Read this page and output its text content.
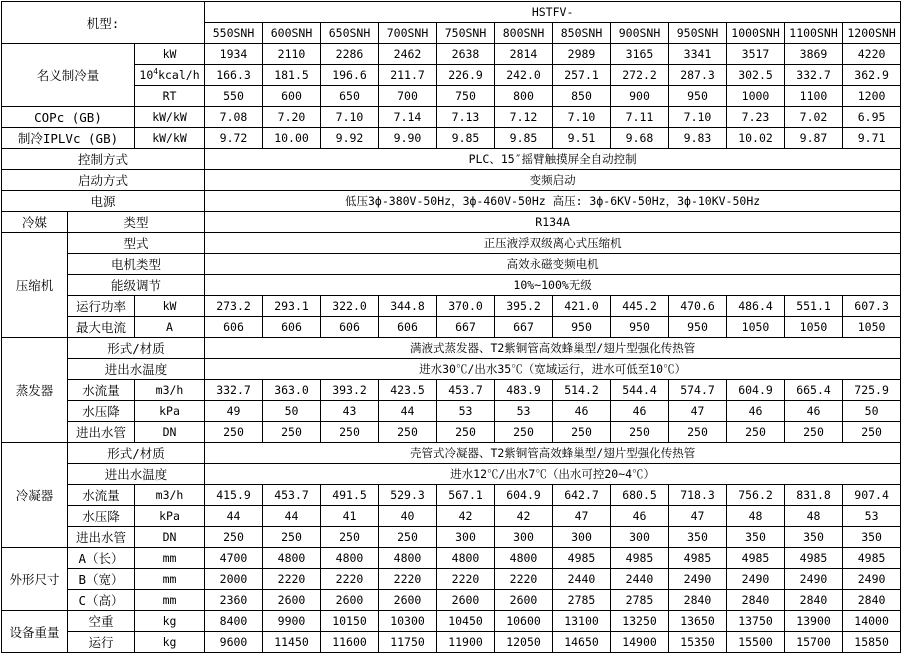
机型:			HSTFV-											
			550SNH	600SNH	650SNH	700SNH	750SNH	800SNH	850SNH	900SNH	950SNH	1000SNH	1100SNH	1200SNH
名义制冷量		kW	1934	2110	2286	2462	2638	2814	2989	3165	3341	3517	3869	4220
		$10^4kcal/h$	166.3	181.5	196.6	211.7	226.9	242.0	257.1	272.2	287.3	302.5	332.7	362.9
		RT	550	600	650	700	750	800	850	900	950	1000	1100	1200
COPc (GB)		kW/kW	7.08	7.20	7.10	7.14	7.13	7.12	7.10	7.11	7.10	7.23	7.02	6.95
制冷IPLVc (GB)		kW/kW	9.72	10.00	9.92	9.90	9.85	9.85	9.51	9.68	9.83	10.02	9.87	9.71
控制方式			PLC、15″摇臂触摸屏全自动控制											
启动方式			变频启动											
电源			低压3ф-380V-50Hz，3ф-460V-50Hz 高压: 3ф-6KV-50Hz，3ф-10KV-50Hz											
冷媒	类型		R134A											
压缩机	型式		正压液浮双级离心式压缩机											
	电机类型		高效永磁变频电机											
	能级调节		10%~100%无级											
	运行功率	kW	273.2	293.1	322.0	344.8	370.0	395.2	421.0	445.2	470.6	486.4	551.1	607.3
	最大电流	A	606	606	606	606	667	667	950	950	950	1050	1050	1050
蒸发器	形式/材质		满液式蒸发器、T2紫铜管高效蜂巢型/翅片型强化传热管											
	进出水温度		进水30℃/出水35℃（宽域运行，进水可低至10℃）											
	水流量	m3/h	332.7	363.0	393.2	423.5	453.7	483.9	514.2	544.4	574.7	604.9	665.4	725.9
	水压降	kPa	49	50	43	44	53	53	46	46	47	46	46	50
	进出水管	DN	250	250	250	250	250	250	250	250	250	250	250	250
冷凝器	形式/材质		壳管式冷凝器、T2紫铜管高效蜂巢型/翅片型强化传热管											
	进出水温度		进水12℃/出水7℃（出水可控20~4℃）											
	水流量	m3/h	415.9	453.7	491.5	529.3	567.1	604.9	642.7	680.5	718.3	756.2	831.8	907.4
	水压降	kPa	44	44	41	40	42	42	47	46	47	48	48	53
	进出水管	DN	250	250	250	250	300	300	300	300	350	350	350	350
外形尺寸	A（长）	mm	4700	4800	4800	4800	4800	4800	4985	4985	4985	4985	4985	4985
	B（宽）	mm	2000	2220	2220	2220	2220	2220	2440	2440	2490	2490	2490	2490
	C（高）	mm	2360	2600	2600	2600	2600	2600	2785	2785	2840	2840	2840	2840
设备重量	空重	kg	8400	9900	10150	10300	10450	10600	13100	13250	13650	13750	13900	14000
	运行	kg	9600	11450	11600	11750	11900	12050	14650	14900	15350	15500	15700	15850
